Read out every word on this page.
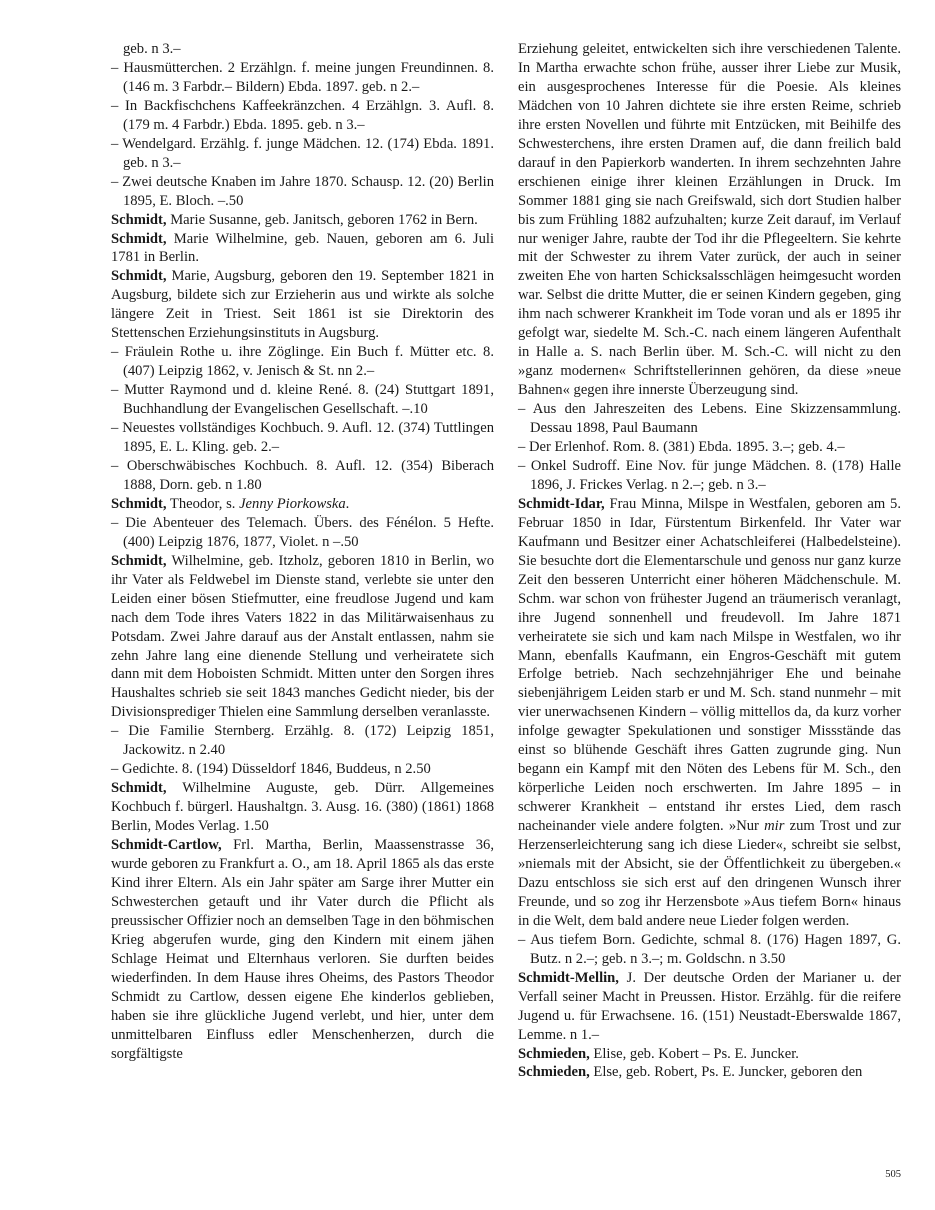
geb. n 3.–

– Hausmütterchen. 2 Erzählgn. f. meine jungen Freundinnen. 8. (146 m. 3 Farbdr.– Bildern) Ebda. 1897. geb. n 2.–

– In Backfischchens Kaffeekränzchen. 4 Erzählgn. 3. Aufl. 8. (179 m. 4 Farbdr.) Ebda. 1895. geb. n 3.–

– Wendelgard. Erzählg. f. junge Mädchen. 12. (174) Ebda. 1891. geb. n 3.–

– Zwei deutsche Knaben im Jahre 1870. Schausp. 12. (20) Berlin 1895, E. Bloch. –.50

Schmidt, Marie Susanne, geb. Janitsch, geboren 1762 in Bern.

Schmidt, Marie Wilhelmine, geb. Nauen, geboren am 6. Juli 1781 in Berlin.

Schmidt, Marie, Augsburg, geboren den 19. September 1821 in Augsburg, bildete sich zur Erzieherin aus und wirkte als solche längere Zeit in Triest. Seit 1861 ist sie Direktorin des Stettenschen Erziehungsinstituts in Augsburg.

– Fräulein Rothe u. ihre Zöglinge. Ein Buch f. Mütter etc. 8. (407) Leipzig 1862, v. Jenisch & St. nn 2.–

– Mutter Raymond und d. kleine René. 8. (24) Stuttgart 1891, Buchhandlung der Evangelischen Gesellschaft. –.10

– Neuestes vollständiges Kochbuch. 9. Aufl. 12. (374) Tuttlingen 1895, E. L. Kling. geb. 2.–

– Oberschwäbisches Kochbuch. 8. Aufl. 12. (354) Biberach 1888, Dorn. geb. n 1.80

Schmidt, Theodor, s. Jenny Piorkowska.

– Die Abenteuer des Telemach. Übers. des Fénélon. 5 Hefte. (400) Leipzig 1876, 1877, Violet. n –.50

Schmidt, Wilhelmine, geb. Itzholz, geboren 1810 in Berlin, wo ihr Vater als Feldwebel im Dienste stand, verlebte sie unter den Leiden einer bösen Stiefmutter, eine freudlose Jugend und kam nach dem Tode ihres Vaters 1822 in das Militärwaisenhaus zu Potsdam. Zwei Jahre darauf aus der Anstalt entlassen, nahm sie zehn Jahre lang eine dienende Stellung und verheiratete sich dann mit dem Hoboisten Schmidt. Mitten unter den Sorgen ihres Haushaltes schrieb sie seit 1843 manches Gedicht nieder, bis der Divisionsprediger Thielen eine Sammlung derselben veranlasste.

– Die Familie Sternberg. Erzählg. 8. (172) Leipzig 1851, Jackowitz. n 2.40

– Gedichte. 8. (194) Düsseldorf 1846, Buddeus, n 2.50

Schmidt, Wilhelmine Auguste, geb. Dürr. Allgemeines Kochbuch f. bürgerl. Haushaltgn. 3. Ausg. 16. (380) (1861) 1868 Berlin, Modes Verlag. 1.50

Schmidt-Cartlow, Frl. Martha, Berlin, Maassenstrasse 36, wurde geboren zu Frankfurt a. O., am 18. April 1865 als das erste Kind ihrer Eltern. Als ein Jahr später am Sarge ihrer Mutter ein Schwesterchen getauft und ihr Vater durch die Pflicht als preussischer Offizier noch an demselben Tage in den böhmischen Krieg abgerufen wurde, ging den Kindern mit einem jähen Schlage Heimat und Elternhaus verloren. Sie durften beides wiederfinden. In dem Hause ihres Oheims, des Pastors Theodor Schmidt zu Cartlow, dessen eigene Ehe kinderlos geblieben, haben sie ihre glückliche Jugend verlebt, und hier, unter dem unmittelbaren Einfluss edler Menschenherzen, durch die sorgfältigste

Erziehung geleitet, entwickelten sich ihre verschiedenen Talente. In Martha erwachte schon frühe, ausser ihrer Liebe zur Musik, ein ausgesprochenes Interesse für die Poesie. Als kleines Mädchen von 10 Jahren dichtete sie ihre ersten Reime, schrieb ihre ersten Novellen und führte mit Entzücken, mit Beihilfe des Schwesterchens, ihre ersten Dramen auf, die dann freilich bald darauf in den Papierkorb wanderten. In ihrem sechzehnten Jahre erschienen einige ihrer kleinen Erzählungen in Druck. Im Sommer 1881 ging sie nach Greifswald, sich dort Studien halber bis zum Frühling 1882 aufzuhalten; kurze Zeit darauf, im Verlauf nur weniger Jahre, raubte der Tod ihr die Pflegeeltern. Sie kehrte mit der Schwester zu ihrem Vater zurück, der auch in seiner zweiten Ehe von harten Schicksalsschlägen heimgesucht worden war. Selbst die dritte Mutter, die er seinen Kindern gegeben, ging ihm nach schwerer Krankheit im Tode voran und als er 1895 ihr gefolgt war, siedelte M. Sch.-C. nach einem längeren Aufenthalt in Halle a. S. nach Berlin über. M. Sch.-C. will nicht zu den »ganz modernen« Schriftstellerinnen gehören, da diese »neue Bahnen« gegen ihre innerste Überzeugung sind.

– Aus den Jahreszeiten des Lebens. Eine Skizzensammlung. Dessau 1898, Paul Baumann

– Der Erlenhof. Rom. 8. (381) Ebda. 1895. 3.–; geb. 4.–

– Onkel Sudroff. Eine Nov. für junge Mädchen. 8. (178) Halle 1896, J. Frickes Verlag. n 2.–; geb. n 3.–

Schmidt-Idar, Frau Minna, Milspe in Westfalen, geboren am 5. Februar 1850 in Idar, Fürstentum Birkenfeld. Ihr Vater war Kaufmann und Besitzer einer Achatschleiferei (Halbedelsteine). Sie besuchte dort die Elementarschule und genoss nur ganz kurze Zeit den besseren Unterricht einer höheren Mädchenschule. M. Schm. war schon von frühester Jugend an träumerisch veranlagt, ihre Jugend sonnenhell und freudevoll. Im Jahre 1871 verheiratete sie sich und kam nach Milspe in Westfalen, wo ihr Mann, ebenfalls Kaufmann, ein Engros-Geschäft mit gutem Erfolge betrieb. Nach sechzehnjähriger Ehe und beinahe siebenjährigem Leiden starb er und M. Sch. stand nunmehr – mit vier unerwachsenen Kindern – völlig mittellos da, da kurz vorher infolge gewagter Spekulationen und sonstiger Missstände das einst so blühende Geschäft ihres Gatten zugrunde ging. Nun begann ein Kampf mit den Nöten des Lebens für M. Sch., den körperliche Leiden noch erschwerten. Im Jahre 1895 – in schwerer Krankheit – entstand ihr erstes Lied, dem rasch nacheinander viele andere folgten. »Nur mir zum Trost und zur Herzenserleichterung sang ich diese Lieder«, schreibt sie selbst, »niemals mit der Absicht, sie der Öffentlichkeit zu übergeben.« Dazu entschloss sie sich erst auf den dringenen Wunsch ihrer Freunde, und so zog ihr Herzensbote »Aus tiefem Born« hinaus in die Welt, dem bald andere neue Lieder folgen werden.

– Aus tiefem Born. Gedichte, schmal 8. (176) Hagen 1897, G. Butz. n 2.–; geb. n 3.–; m. Goldschn. n 3.50

Schmidt-Mellin, J. Der deutsche Orden der Marianer u. der Verfall seiner Macht in Preussen. Histor. Erzählg. für die reifere Jugend u. für Erwachsene. 16. (151) Neustadt-Eberswalde 1867, Lemme. n 1.–

Schmieden, Elise, geb. Kobert – Ps. E. Juncker.

Schmieden, Else, geb. Robert, Ps. E. Juncker, geboren den

505
